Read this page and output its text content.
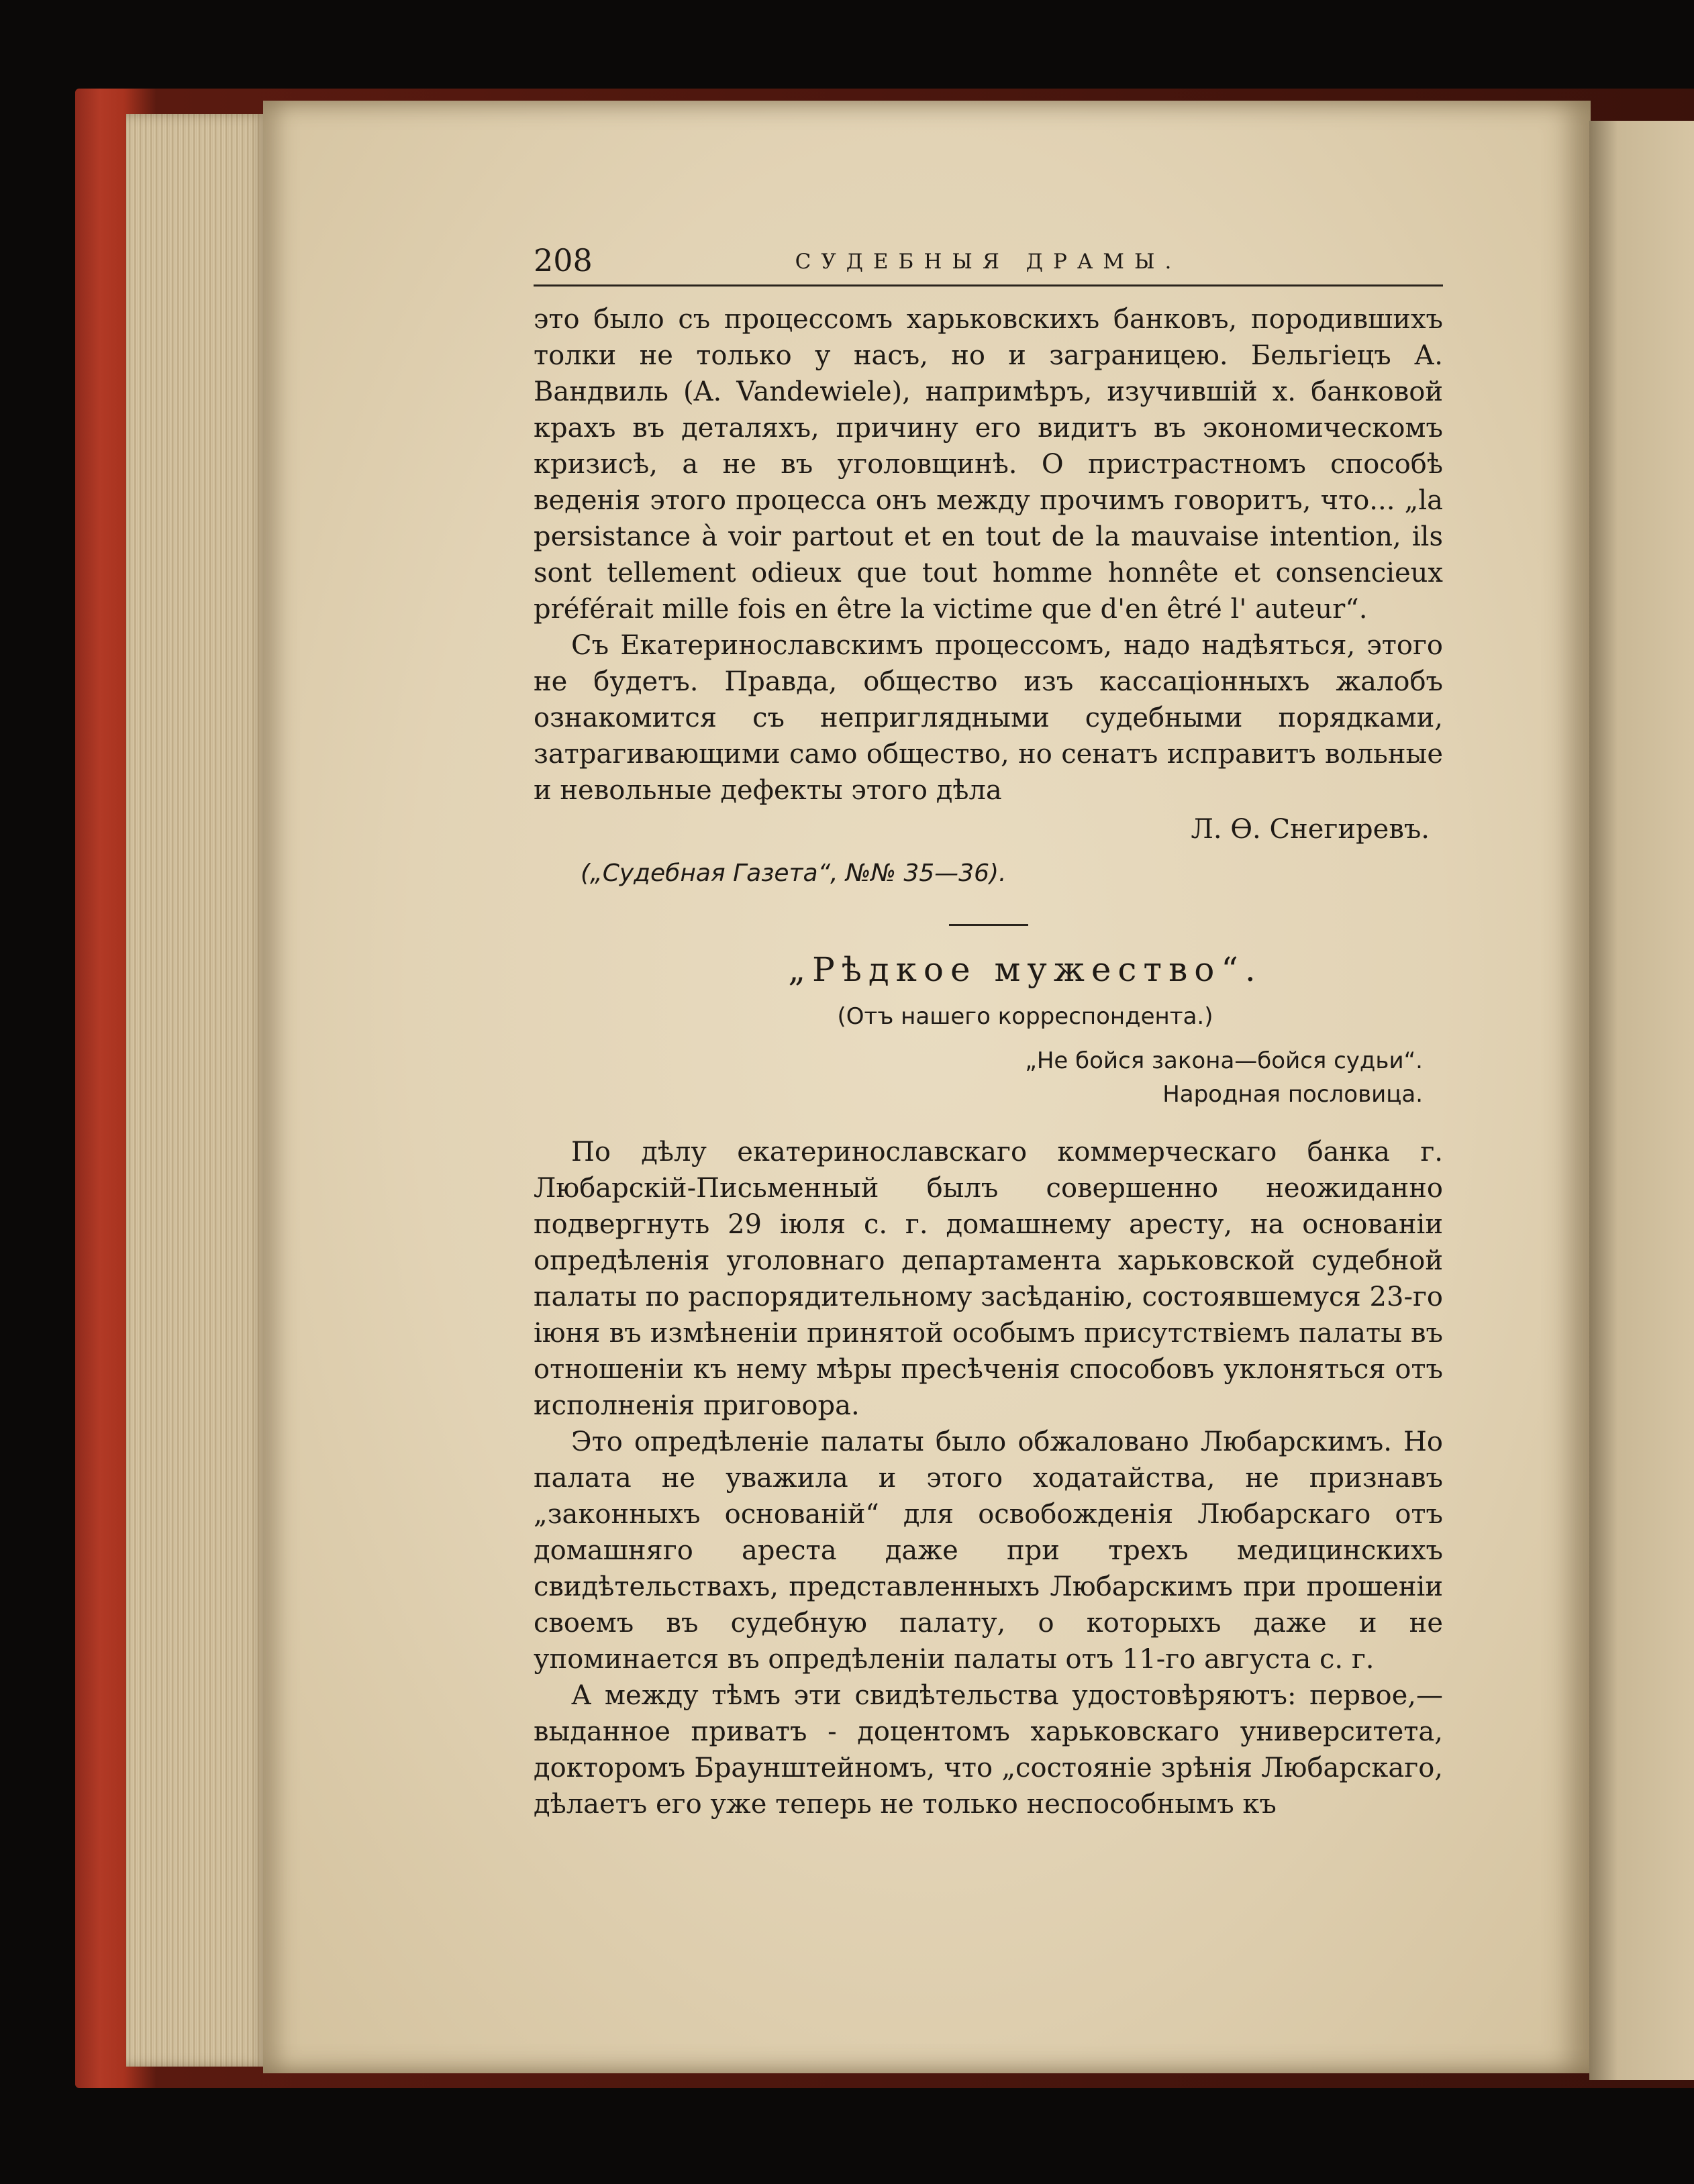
208	СУДЕБНЫЯ ДРАМЫ.

это было съ процессомъ харьковскихъ банковъ, породившихъ толки не только у насъ, но и заграницею. Бельгіецъ А. Вандвиль (A. Vandewiele), напримѣръ, изучившій х. банковой крахъ въ деталяхъ, причину его видитъ въ экономическомъ кризисѣ, а не въ уголовщинѣ. О пристрастномъ способѣ веденія этого процесса онъ между прочимъ говоритъ, что... „la persistance à voir partout et en tout de la mauvaise intention, ils sont tellement odieux que tout homme honnête et consencieux préférait mille fois en être la victime que d'en êtré l' auteur“.

Съ Екатеринославскимъ процессомъ, надо надѣяться, этого не будетъ. Правда, общество изъ кассаціонныхъ жалобъ ознакомится съ неприглядными судебными порядками, затрагивающими само общество, но сенатъ исправитъ вольные и невольные дефекты этого дѣла

Л. Ѳ. Снегиревъ.
(„Судебная Газета“, №№ 35—36).
„Рѣдкое мужество“.
(Отъ нашего корреспондента.)
„Не бойся закона—бойся судьи“.
Народная пословица.

По дѣлу екатеринославскаго коммерческаго банка г. Любарскій-Письменный былъ совершенно неожиданно подвергнуть 29 іюля с. г. домашнему аресту, на основаніи опредѣленія уголовнаго департамента харьковской судебной палаты по распорядительному засѣданію, состоявшемуся 23-го іюня въ измѣненіи принятой особымъ присутствіемъ палаты въ отношеніи къ нему мѣры пресѣченія способовъ уклоняться отъ исполненія приговора.

Это опредѣленіе палаты было обжаловано Любарскимъ. Но палата не уважила и этого ходатайства, не признавъ „законныхъ основаній“ для освобожденія Любарскаго отъ домашняго ареста даже при трехъ медицинскихъ свидѣтельствахъ, представленныхъ Любарскимъ при прошеніи своемъ въ судебную палату, о которыхъ даже и не упоминается въ опредѣленіи палаты отъ 11-го августа с. г.

А между тѣмъ эти свидѣтельства удостовѣряютъ: первое,— выданное приватъ - доцентомъ харьковскаго университета, докторомъ Браунштейномъ, что „состояніе зрѣнія Любарскаго, дѣлаетъ его уже теперь не только неспособнымъ къ
